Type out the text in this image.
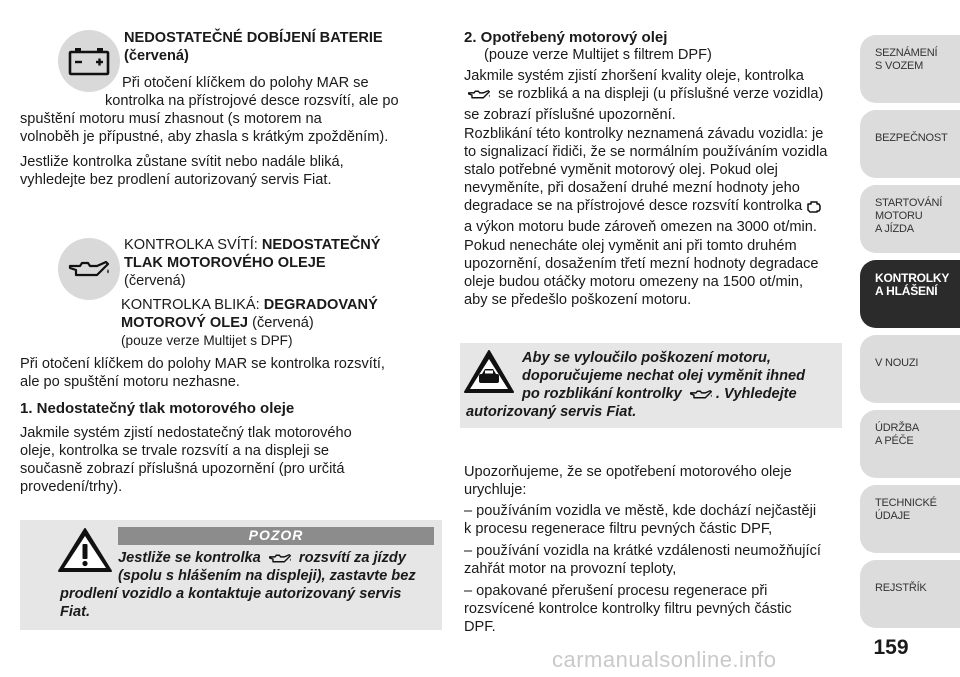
NEDOSTATEČNÉ DOBÍJENÍ BATERIE
(červená)
Při otočení klíčkem do polohy MAR se
kontrolka na přístrojové desce rozsvítí, ale po
spuštění motoru musí zhasnout (s motorem na
volnoběh je přípustné, aby zhasla s krátkým zpožděním).
Jestliže kontrolka zůstane svítit nebo nadále bliká,
vyhledejte bez prodlení autorizovaný servis Fiat.
KONTROLKA SVÍTÍ: NEDOSTATEČNÝ
TLAK MOTOROVÉHO OLEJE
(červená)
KONTROLKA BLIKÁ: DEGRADOVANÝ
MOTOROVÝ OLEJ (červená)
(pouze verze Multijet s DPF)
Při otočení klíčkem do polohy MAR se kontrolka rozsvítí,
ale po spuštění motoru nezhasne.
1. Nedostatečný tlak motorového oleje
Jakmile systém zjistí nedostatečný tlak motorového
oleje, kontrolka se trvale rozsvítí a na displeji se
současně zobrazí příslušná upozornění (pro určitá
provedení/trhy).
POZOR
Jestliže se kontrolka	rozsvítí za jízdy
(spolu s hlášením na displeji), zastavte bez
prodlení vozidlo a kontaktuje autorizovaný servis
Fiat.
2. Opotřebený motorový olej
(pouze verze Multijet s filtrem DPF)
Jakmile systém zjistí zhoršení kvality oleje, kontrolka
se rozbliká a na displeji (u příslušné verze vozidla)
se zobrazí příslušné upozornění.
Rozblikání této kontrolky neznamená závadu vozidla: je
to signalizací řidiči, že se normálním používáním vozidla
stalo potřebné vyměnit motorový olej. Pokud olej
nevyměníte, při dosažení druhé mezní hodnoty jeho
degradace se na přístrojové desce rozsvítí kontrolka
a výkon motoru bude zároveň omezen na 3000 ot/min.
Pokud nenecháte olej vyměnit ani při tomto druhém
upozornění, dosažením třetí mezní hodnoty degradace
oleje budou otáčky motoru omezeny na 1500 ot/min,
aby se předešlo poškození motoru.
Aby se vyloučilo poškození motoru,
doporučujeme nechat olej vyměnit ihned
po rozblikání kontrolky . Vyhledejte
autorizovaný servis Fiat.
Upozorňujeme, že se opotřebení motorového oleje
urychluje:
– používáním vozidla ve městě, kde dochází nejčastěji
k procesu regenerace filtru pevných částic DPF,
– používání vozidla na krátké vzdálenosti neumožňující
zahřát motor na provozní teploty,
– opakované přerušení procesu regenerace při
rozsvícené kontrolce kontrolky filtru pevných částic
DPF.
SEZNÁMENÍ
S VOZEM
BEZPEČNOST
STARTOVÁNÍ
MOTORU
A JÍZDA
KONTROLKY
A HLÁŠENÍ
V NOUZI
ÚDRŽBA
A PÉČE
TECHNICKÉ
ÚDAJE
REJSTŘÍK
159
carmanualsonline.info
